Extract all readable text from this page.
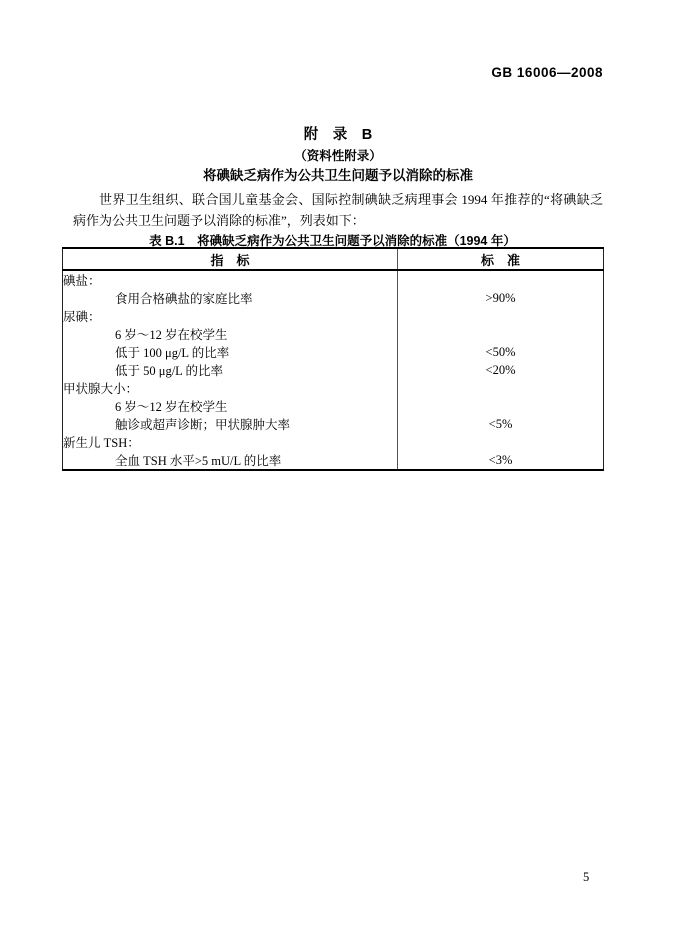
GB 16006—2008
附　录　B
（资料性附录）
将碘缺乏病作为公共卫生问题予以消除的标准

世界卫生组织、联合国儿童基金会、国际控制碘缺乏病理事会 1994 年推荐的“将碘缺乏病作为公共卫生问题予以消除的标准”，列表如下：

表 B.1　将碘缺乏病作为公共卫生问题予以消除的标准（1994 年）
指　标	标　准
碘盐：	
食用合格碘盐的家庭比率	>90%
尿碘：	
6 岁～12 岁在校学生	
低于 100 μg/L 的比率	<50%
低于 50 μg/L 的比率	<20%
甲状腺大小：	
6 岁～12 岁在校学生	
触诊或超声诊断；甲状腺肿大率	<5%
新生儿 TSH：	
全血 TSH 水平>5 mU/L 的比率	<3%
5
